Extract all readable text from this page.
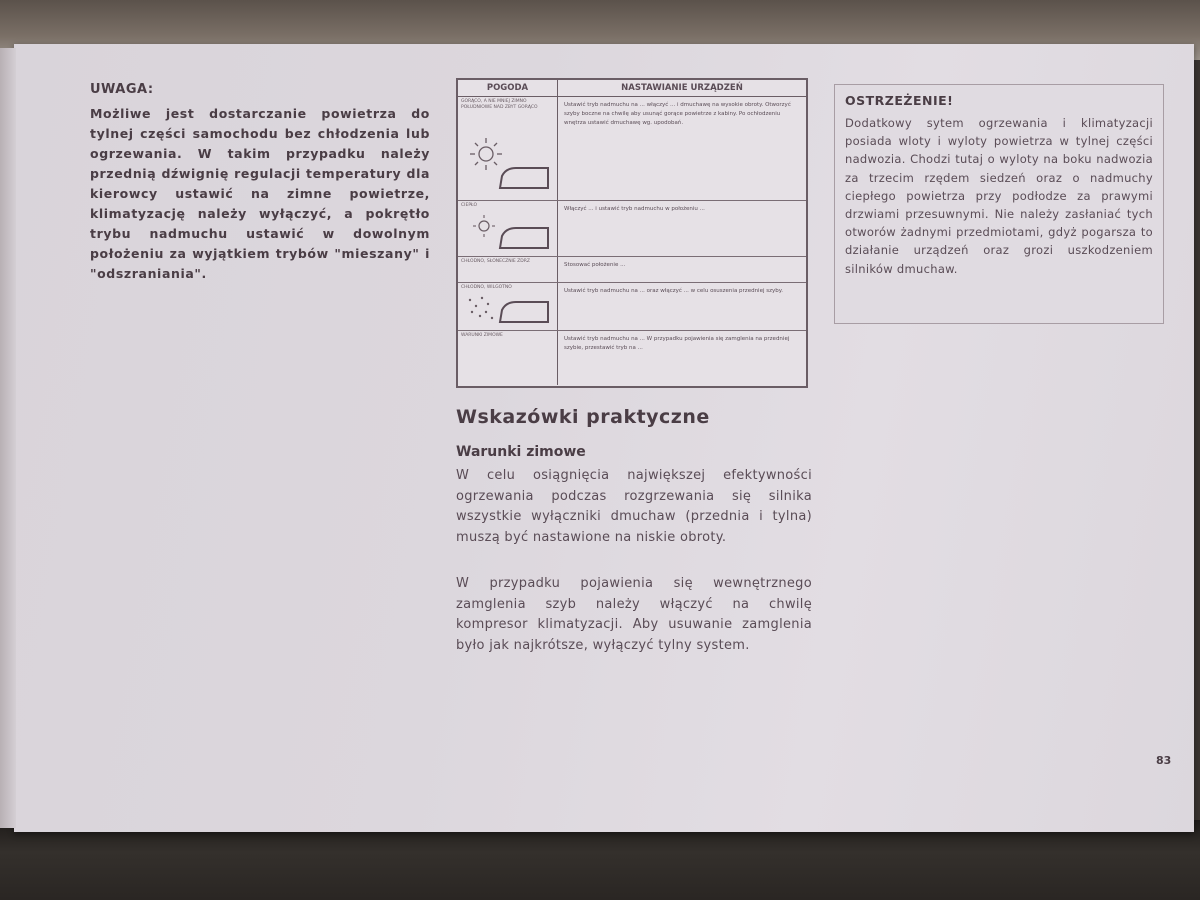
UWAGA:
Możliwe jest dostarczanie powietrza do tylnej części samochodu bez chłodzenia lub ogrzewania. W takim przypadku należy przednią dźwignię regulacji temperatury dla kierowcy ustawić na zimne powietrze, klimatyzację należy wyłączyć, a pokrętło trybu nadmuchu ustawić w dowolnym położeniu za wyjątkiem trybów "mieszany" i "odszraniania".
POGODA	NASTAWIANIE URZĄDZEŃ
GORĄCO, A NIE MNIEJ ZIMNO POŁUDNIOWE NAD ZBYT GORĄCO	Ustawić tryb nadmuchu na ... włączyć ... i dmuchawę na wysokie obroty. Otworzyć szyby boczne na chwilę aby usunąć gorące powietrze z kabiny. Po ochłodzeniu wnętrza ustawić dmuchawę wg. upodobań.
CIEPŁO
Włączyć ... i ustawić tryb nadmuchu w położeniu ...
CHŁODNO, SŁONECZNIE ZDRZ
Stosować położenie ...
CHŁODNO, WILGOTNO
Ustawić tryb nadmuchu na ... oraz włączyć ... w celu osuszenia przedniej szyby.
WARUNKI ZIMOWE
Ustawić tryb nadmuchu na ... W przypadku pojawienia się zamglenia na przedniej szybie, przestawić tryb na ...
Wskazówki praktyczne
Warunki zimowe
W celu osiągnięcia największej efektywności ogrzewania podczas rozgrzewania się silnika wszystkie wyłączniki dmuchaw (przednia i tylna) muszą być nastawione na niskie obroty.
W przypadku pojawienia się wewnętrznego zamglenia szyb należy włączyć na chwilę kompresor klimatyzacji. Aby usuwanie zamglenia było jak najkrótsze, wyłączyć tylny system.
OSTRZEŻENIE!
Dodatkowy sytem ogrzewania i klimatyzacji posiada wloty i wyloty powietrza w tylnej części nadwozia. Chodzi tutaj o wyloty na boku nadwozia za trzecim rzędem siedzeń oraz o nadmuchy ciepłego powietrza przy podłodze za prawymi drzwiami przesuwnymi. Nie należy zasłaniać tych otworów żadnymi przedmiotami, gdyż pogarsza to działanie urządzeń oraz grozi uszkodzeniem silników dmuchaw.
83
